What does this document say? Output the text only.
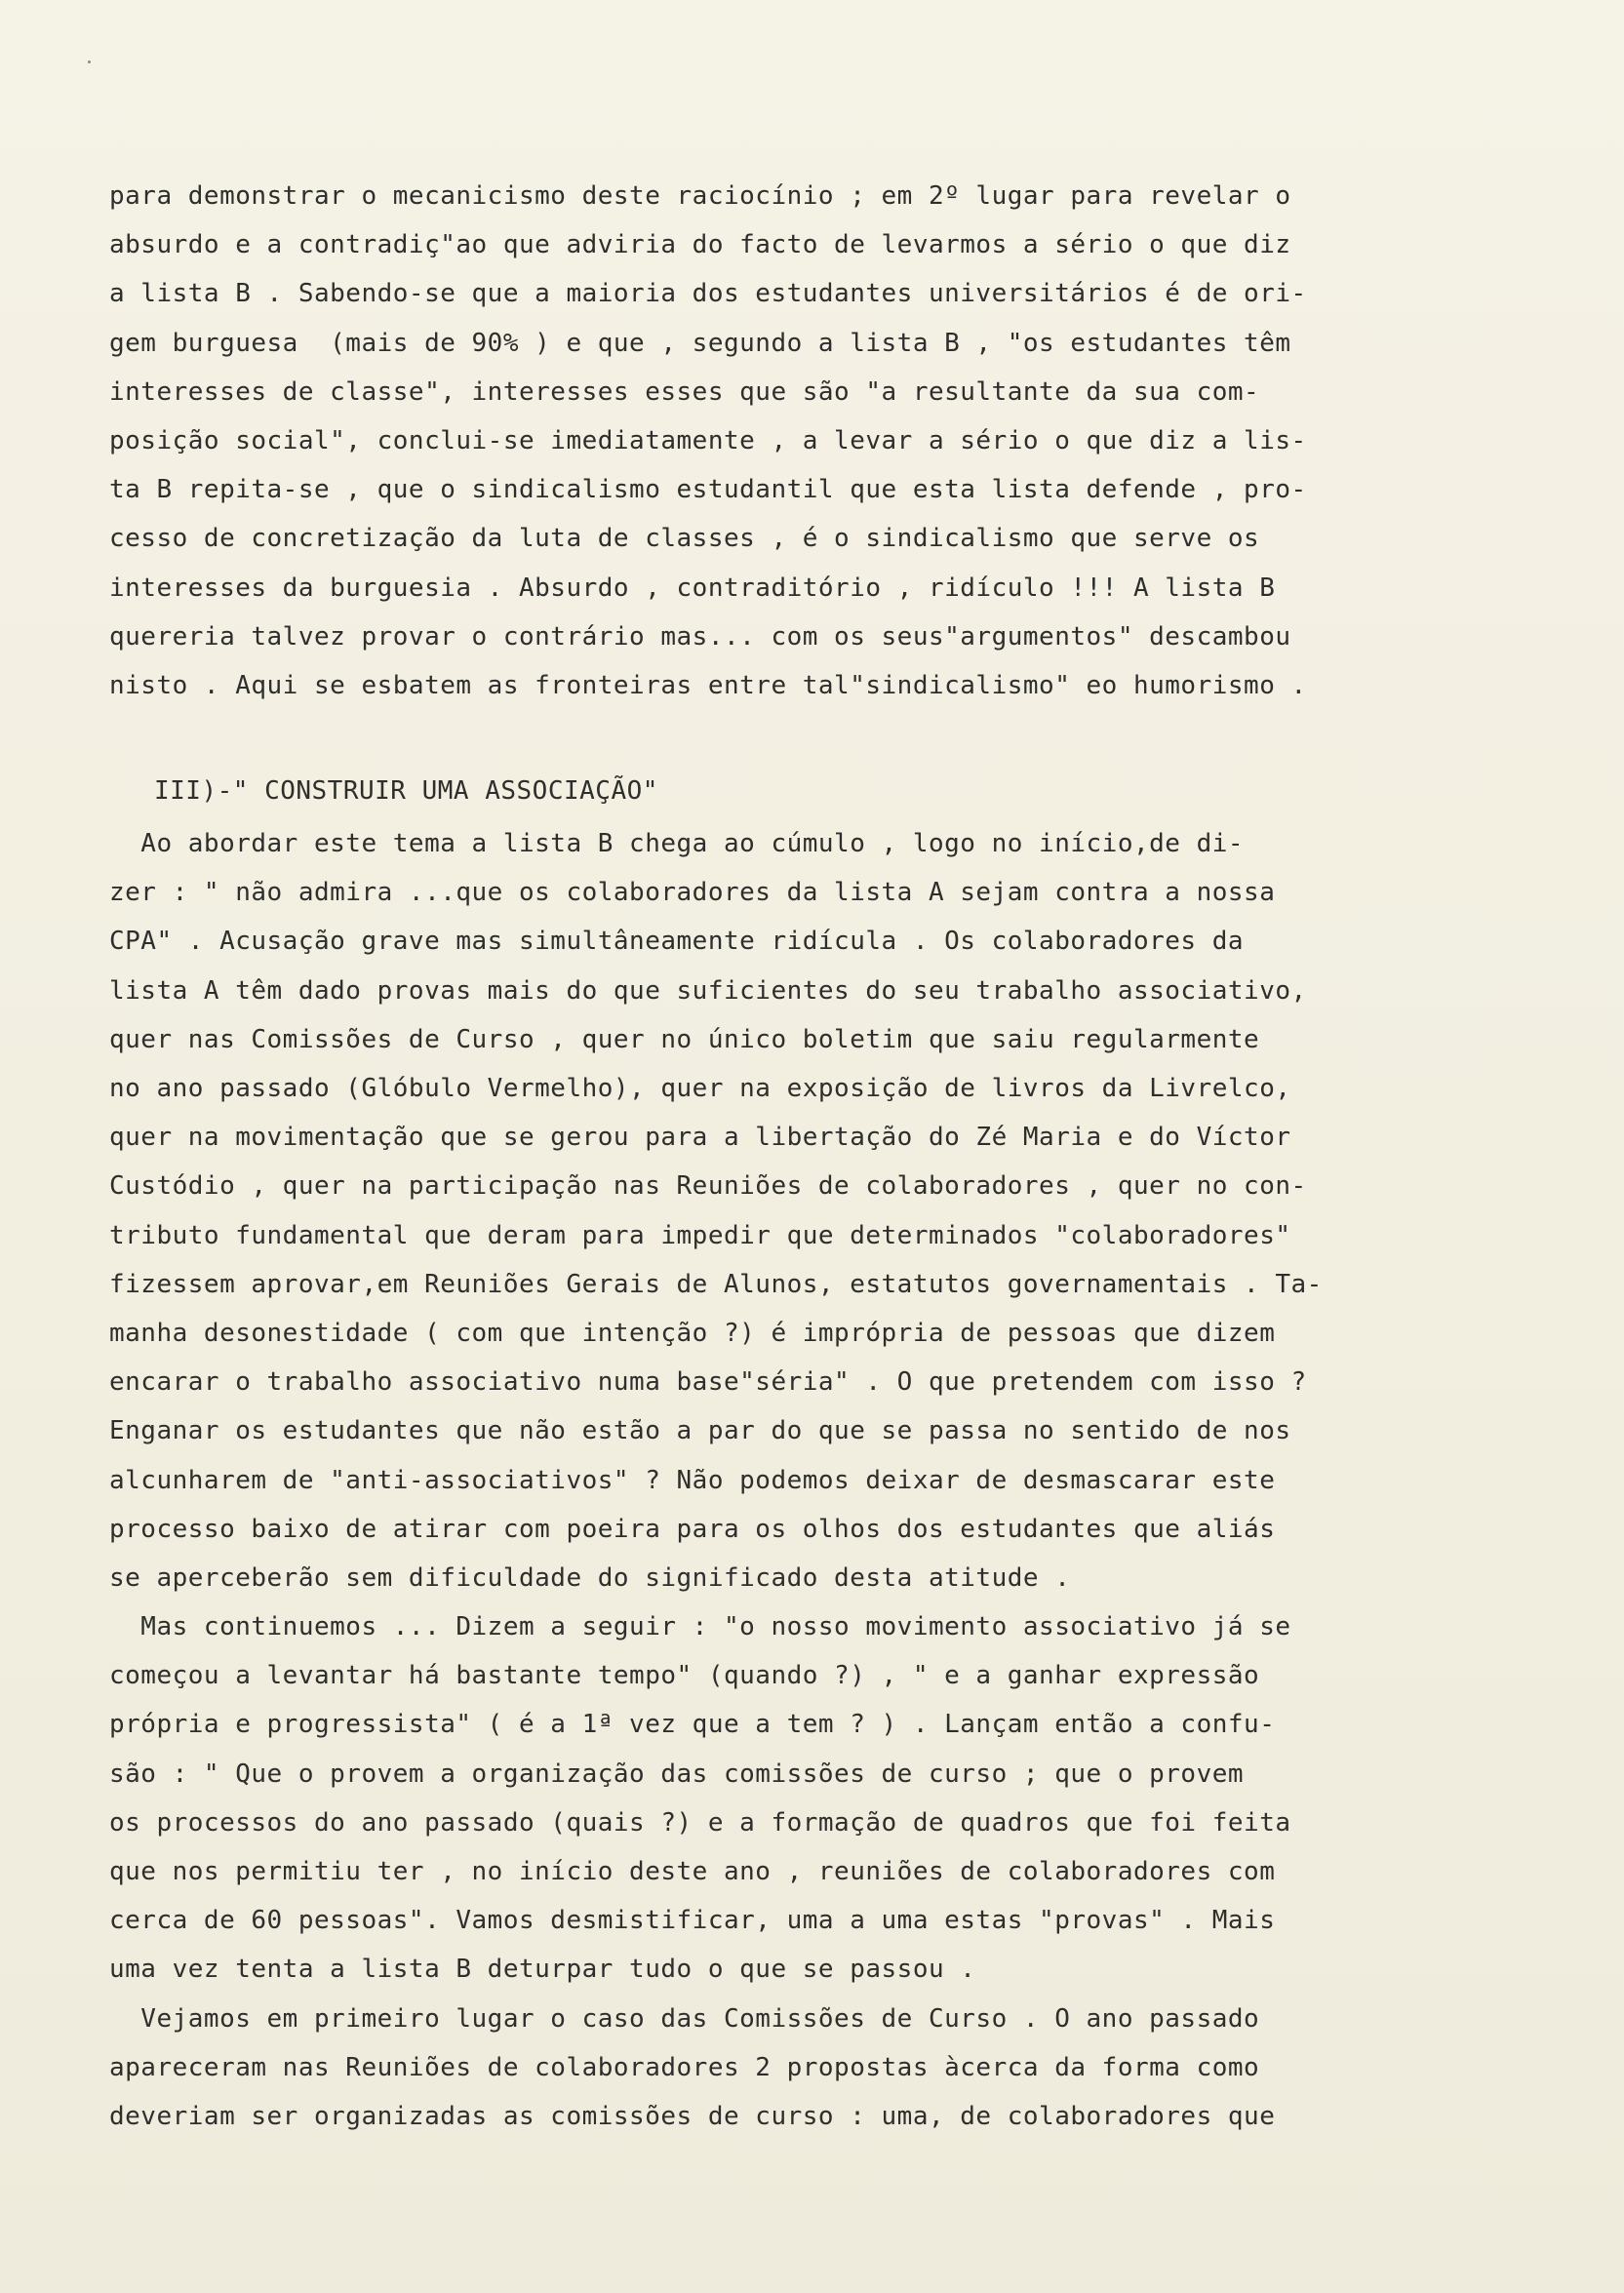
para demonstrar o mecanicismo deste raciocínio ; em 2º lugar para revelar o
absurdo e a contradiç"ao que adviria do facto de levarmos a sério o que diz
a lista B . Sabendo-se que a maioria dos estudantes universitários é de ori-
gem burguesa  (mais de 90% ) e que , segundo a lista B , "os estudantes têm
interesses de classe", interesses esses que são "a resultante da sua com-
posição social", conclui-se imediatamente , a levar a sério o que diz a lis-
ta B repita-se , que o sindicalismo estudantil que esta lista defende , pro-
cesso de concretização da luta de classes , é o sindicalismo que serve os
interesses da burguesia . Absurdo , contraditório , ridículo !!! A lista B
quereria talvez provar o contrário mas... com os seus"argumentos" descambou
nisto . Aqui se esbatem as fronteiras entre tal"sindicalismo" eo humorismo .
III)-" CONSTRUIR UMA ASSOCIAÇÃO"
Ao abordar este tema a lista B chega ao cúmulo , logo no início,de di-
zer : " não admira ...que os colaboradores da lista A sejam contra a nossa
CPA" . Acusação grave mas simultâneamente ridícula . Os colaboradores da
lista A têm dado provas mais do que suficientes do seu trabalho associativo,
quer nas Comissões de Curso , quer no único boletim que saiu regularmente
no ano passado (Glóbulo Vermelho), quer na exposição de livros da Livrelco,
quer na movimentação que se gerou para a libertação do Zé Maria e do Víctor
Custódio , quer na participação nas Reuniões de colaboradores , quer no con-
tributo fundamental que deram para impedir que determinados "colaboradores"
fizessem aprovar,em Reuniões Gerais de Alunos, estatutos governamentais . Ta-
manha desonestidade ( com que intenção ?) é imprópria de pessoas que dizem
encarar o trabalho associativo numa base"séria" . O que pretendem com isso ?
Enganar os estudantes que não estão a par do que se passa no sentido de nos
alcunharem de "anti-associativos" ? Não podemos deixar de desmascarar este
processo baixo de atirar com poeira para os olhos dos estudantes que aliás
se aperceberão sem dificuldade do significado desta atitude .
Mas continuemos ... Dizem a seguir : "o nosso movimento associativo já se
começou a levantar há bastante tempo" (quando ?) , " e a ganhar expressão
própria e progressista" ( é a 1ª vez que a tem ? ) . Lançam então a confu-
são : " Que o provem a organização das comissões de curso ; que o provem
os processos do ano passado (quais ?) e a formação de quadros que foi feita
que nos permitiu ter , no início deste ano , reuniões de colaboradores com
cerca de 60 pessoas". Vamos desmistificar, uma a uma estas "provas" . Mais
uma vez tenta a lista B deturpar tudo o que se passou .
Vejamos em primeiro lugar o caso das Comissões de Curso . O ano passado
apareceram nas Reuniões de colaboradores 2 propostas àcerca da forma como
deveriam ser organizadas as comissões de curso : uma, de colaboradores que
